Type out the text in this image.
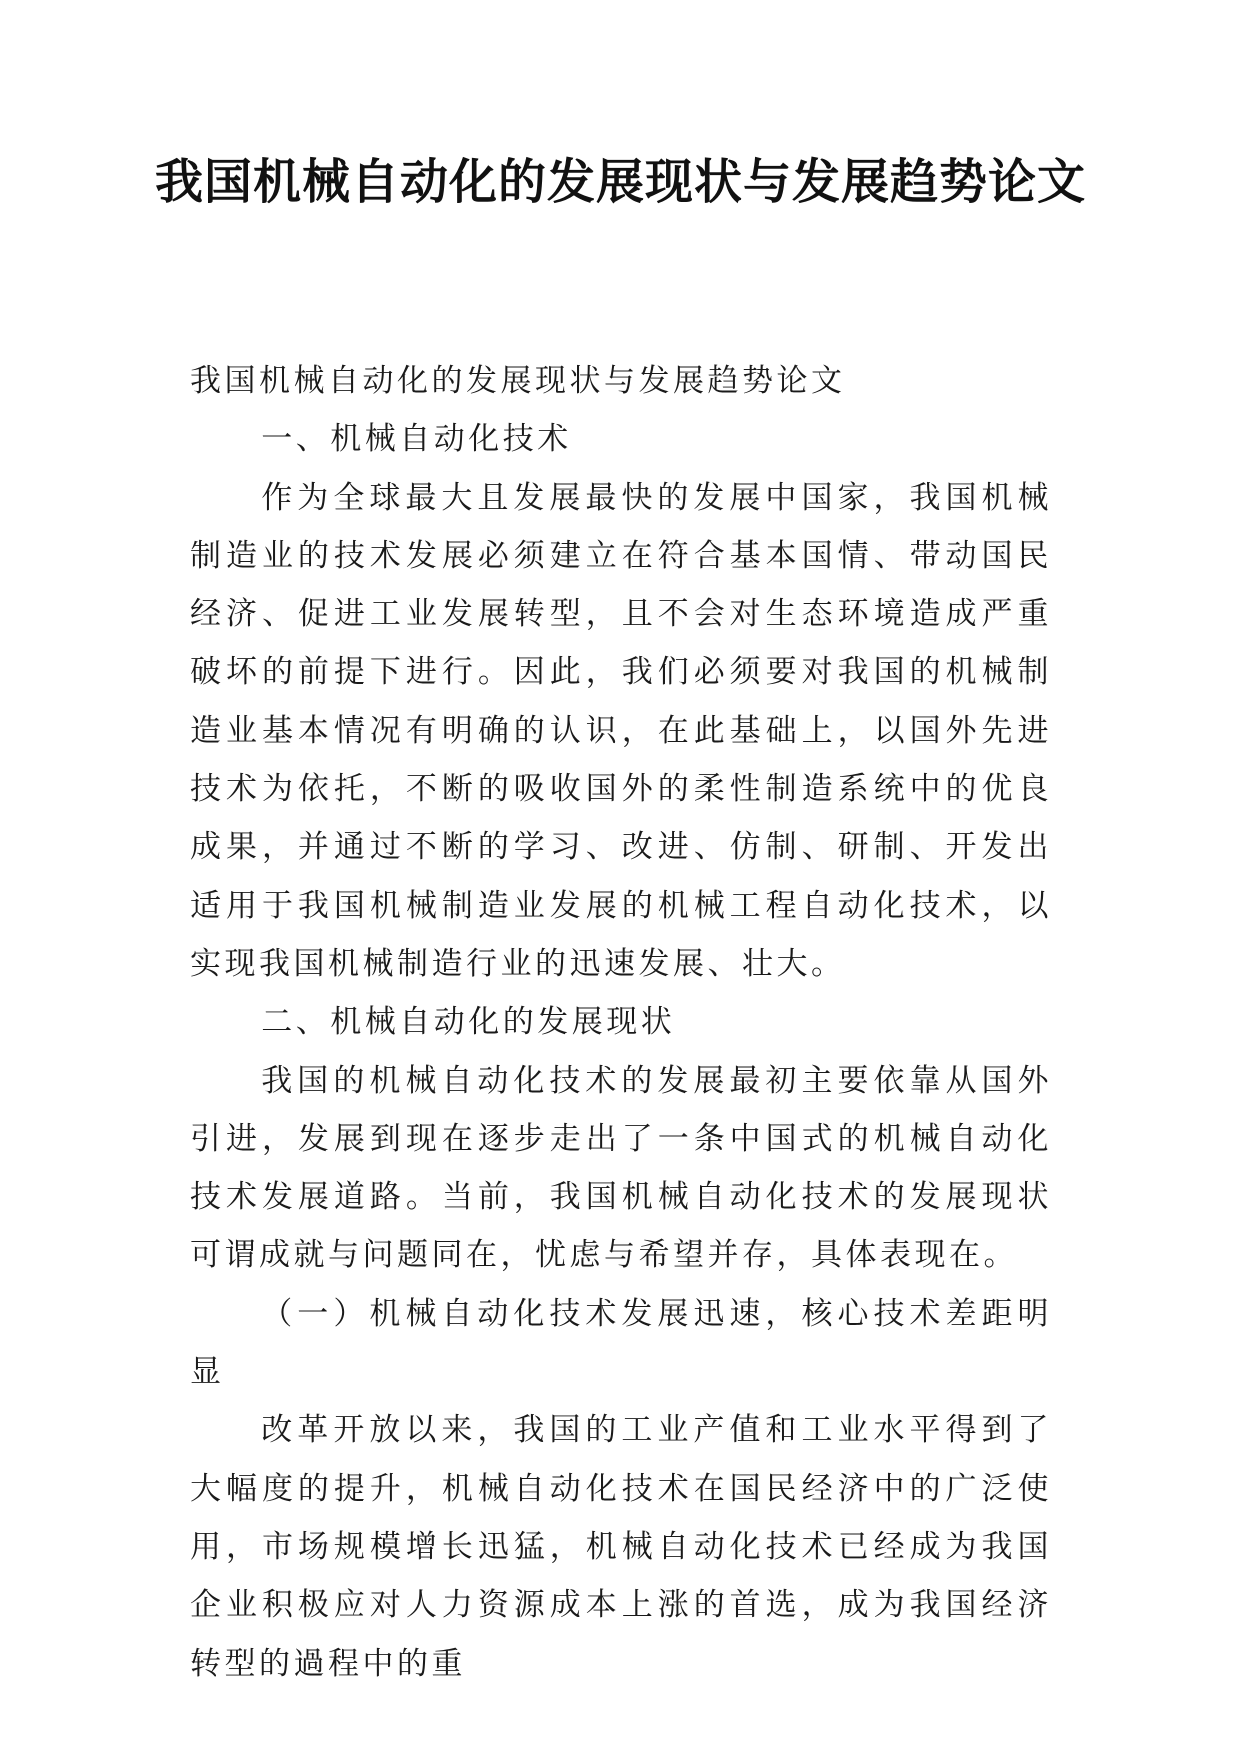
我国机械自动化的发展现状与发展趋势论文

我国机械自动化的发展现状与发展趋势论文

一、机械自动化技术

作为全球最大且发展最快的发展中国家，我国机械制造业的技术发展必须建立在符合基本国情、带动国民经济、促进工业发展转型，且不会对生态环境造成严重破坏的前提下进行。因此，我们必须要对我国的机械制造业基本情况有明确的认识，在此基础上，以国外先进技术为依托，不断的吸收国外的柔性制造系统中的优良成果，并通过不断的学习、改进、仿制、研制、开发出适用于我国机械制造业发展的机械工程自动化技术，以实现我国机械制造行业的迅速发展、壮大。

二、机械自动化的发展现状

我国的机械自动化技术的发展最初主要依靠从国外引进，发展到现在逐步走出了一条中国式的机械自动化技术发展道路。当前，我国机械自动化技术的发展现状可谓成就与问题同在，忧虑与希望并存，具体表现在。

（一）机械自动化技术发展迅速，核心技术差距明显

改革开放以来，我国的工业产值和工业水平得到了大幅度的提升，机械自动化技术在国民经济中的广泛使用，市场规模增长迅猛，机械自动化技术已经成为我国企业积极应对人力资源成本上涨的首选，成为我国经济转型的過程中的重
